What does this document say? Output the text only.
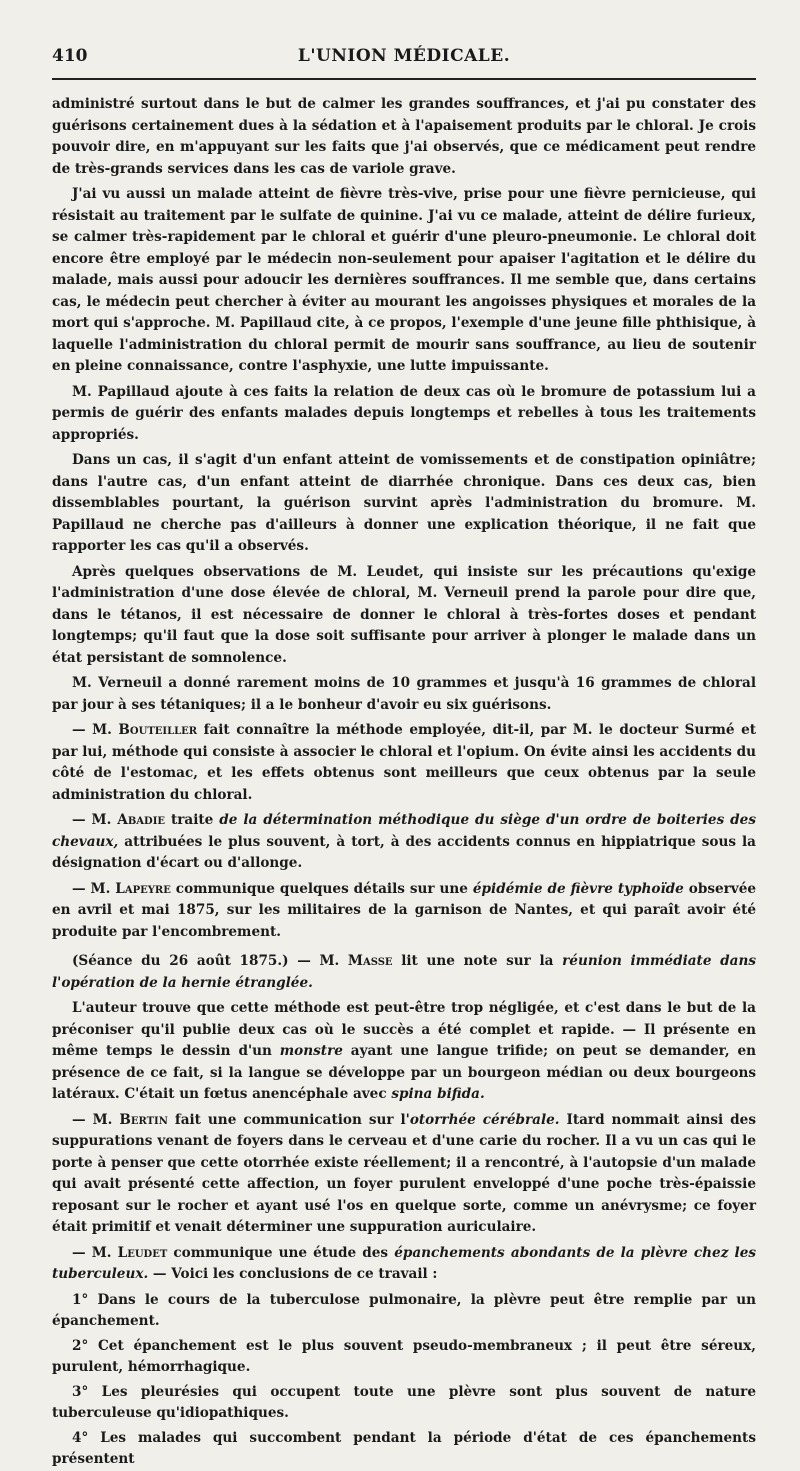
410	L'UNION MÉDICALE.

administré surtout dans le but de calmer les grandes souffrances, et j'ai pu constater des guérisons certainement dues à la sédation et à l'apaisement produits par le chloral. Je crois pouvoir dire, en m'appuyant sur les faits que j'ai observés, que ce médicament peut rendre de très-grands services dans les cas de variole grave.

J'ai vu aussi un malade atteint de fièvre très-vive, prise pour une fièvre pernicieuse, qui résistait au traitement par le sulfate de quinine. J'ai vu ce malade, atteint de délire furieux, se calmer très-rapidement par le chloral et guérir d'une pleuro-pneumonie. Le chloral doit encore être employé par le médecin non-seulement pour apaiser l'agitation et le délire du malade, mais aussi pour adoucir les dernières souffrances. Il me semble que, dans certains cas, le médecin peut chercher à éviter au mourant les angoisses physiques et morales de la mort qui s'approche. M. Papillaud cite, à ce propos, l'exemple d'une jeune fille phthisique, à laquelle l'administration du chloral permit de mourir sans souffrance, au lieu de soutenir en pleine connaissance, contre l'asphyxie, une lutte impuissante.

M. Papillaud ajoute à ces faits la relation de deux cas où le bromure de potassium lui a permis de guérir des enfants malades depuis longtemps et rebelles à tous les traitements appropriés.

Dans un cas, il s'agit d'un enfant atteint de vomissements et de constipation opiniâtre; dans l'autre cas, d'un enfant atteint de diarrhée chronique. Dans ces deux cas, bien dissemblables pourtant, la guérison survint après l'administration du bromure. M. Papillaud ne cherche pas d'ailleurs à donner une explication théorique, il ne fait que rapporter les cas qu'il a observés.

Après quelques observations de M. Leudet, qui insiste sur les précautions qu'exige l'administration d'une dose élevée de chloral, M. Verneuil prend la parole pour dire que, dans le tétanos, il est nécessaire de donner le chloral à très-fortes doses et pendant longtemps; qu'il faut que la dose soit suffisante pour arriver à plonger le malade dans un état persistant de somnolence.

M. Verneuil a donné rarement moins de 10 grammes et jusqu'à 16 grammes de chloral par jour à ses tétaniques; il a le bonheur d'avoir eu six guérisons.

— M. Bouteiller fait connaître la méthode employée, dit-il, par M. le docteur Surmé et par lui, méthode qui consiste à associer le chloral et l'opium. On évite ainsi les accidents du côté de l'estomac, et les effets obtenus sont meilleurs que ceux obtenus par la seule administration du chloral.

— M. Abadie traite de la détermination méthodique du siège d'un ordre de boiteries des chevaux, attribuées le plus souvent, à tort, à des accidents connus en hippiatrique sous la désignation d'écart ou d'allonge.

— M. Lapeyre communique quelques détails sur une épidémie de fièvre typhoïde observée en avril et mai 1875, sur les militaires de la garnison de Nantes, et qui paraît avoir été produite par l'encombrement.

(Séance du 26 août 1875.) — M. Masse lit une note sur la réunion immédiate dans l'opération de la hernie étranglée.

L'auteur trouve que cette méthode est peut-être trop négligée, et c'est dans le but de la préconiser qu'il publie deux cas où le succès a été complet et rapide. — Il présente en même temps le dessin d'un monstre ayant une langue trifide; on peut se demander, en présence de ce fait, si la langue se développe par un bourgeon médian ou deux bourgeons latéraux. C'était un fœtus anencéphale avec spina bifida.

— M. Bertin fait une communication sur l'otorrhée cérébrale. Itard nommait ainsi des suppurations venant de foyers dans le cerveau et d'une carie du rocher. Il a vu un cas qui le porte à penser que cette otorrhée existe réellement; il a rencontré, à l'autopsie d'un malade qui avait présenté cette affection, un foyer purulent enveloppé d'une poche très-épaissie reposant sur le rocher et ayant usé l'os en quelque sorte, comme un anévrysme; ce foyer était primitif et venait déterminer une suppuration auriculaire.

— M. Leudet communique une étude des épanchements abondants de la plèvre chez les tuberculeux. — Voici les conclusions de ce travail :

1° Dans le cours de la tuberculose pulmonaire, la plèvre peut être remplie par un épanchement.

2° Cet épanchement est le plus souvent pseudo-membraneux ; il peut être séreux, purulent, hémorrhagique.

3° Les pleurésies qui occupent toute une plèvre sont plus souvent de nature tuberculeuse qu'idiopathiques.

4° Les malades qui succombent pendant la période d'état de ces épanchements présentent
